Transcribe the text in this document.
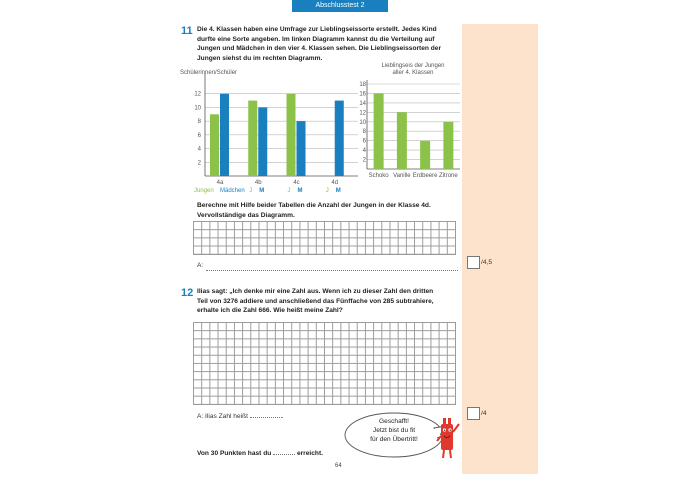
Abschlusstest 2
11 Die 4. Klassen haben eine Umfrage zur Lieblingseissorte erstellt. Jedes Kind
durfte eine Sorte angeben. Im linken Diagramm kannst du die Verteilung auf
Jungen und Mädchen in den vier 4. Klassen sehen. Die Lieblingseissorten der
Jungen siehst du im rechten Diagramm.
Schülerinnen/Schüler
2
4
6
8
10
12
4a
Jungen Mädchen
4b
J M
4c
J M
4d
J M
Lieblingseis der Jungen
aller 4. Klassen
2
4
6
8
10
12
14
16
18
Schoko Vanille Erdbeere Zitrone
Berechne mit Hilfe beider Tabellen die Anzahl der Jungen in der Klasse 4d.
Vervollständige das Diagramm.
A:	/4,5
12 Ilias sagt: „Ich denke mir eine Zahl aus. Wenn ich zu dieser Zahl den dritten
Teil von 3276 addiere und anschließend das Fünffache von 285 subtrahiere,
erhalte ich die Zahl 666. Wie heißt meine Zahl?
A: Ilias Zahl heißt	.	/4
Geschafft!
Jetzt bist du fit
für den Übertritt!
Von 30 Punkten hast du	erreicht.
64
